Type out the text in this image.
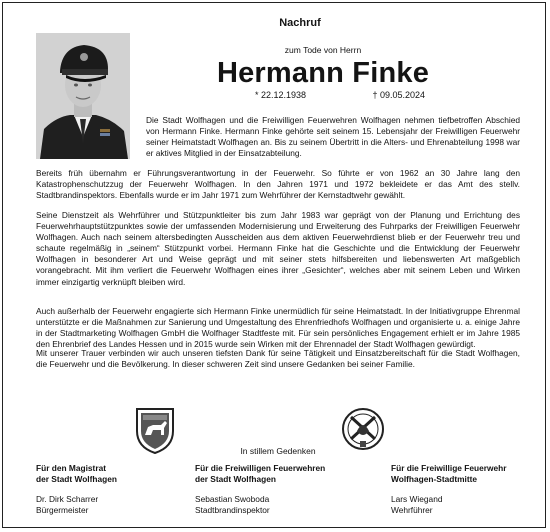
Nachruf
zum Tode von Herrn
Hermann Finke
* 22.12.1938	† 09.05.2024

Die Stadt Wolfhagen und die Freiwilligen Feuerwehren Wolfhagen nehmen tiefbetroffen Abschied von Hermann Finke. Hermann Finke gehörte seit seinem 15. Lebensjahr der Freiwilligen Feuerwehr seiner Heimatstadt Wolfhagen an. Bis zu seinem Übertritt in die Alters- und Ehrenabteilung 1998 war er aktives Mitglied in der Einsatzabteilung.

Bereits früh übernahm er Führungsverantwortung in der Feuerwehr. So führte er von 1962 an 30 Jahre lang den Katastrophenschutzzug der Feuerwehr Wolfhagen. In den Jahren 1971 und 1972 bekleidete er das Amt des stellv. Stadtbrandinspektors. Ebenfalls wurde er im Jahr 1971 zum Wehrführer der Kernstadtwehr gewählt.

Seine Dienstzeit als Wehrführer und Stützpunktleiter bis zum Jahr 1983 war geprägt von der Planung und Errichtung des Feuerwehrhauptstützpunktes sowie der umfassenden Modernisierung und Erweiterung des Fuhrparks der Freiwilligen Feuerwehr Wolfhagen. Auch nach seinem altersbedingten Ausscheiden aus dem aktiven Feuerwehrdienst blieb er der Feuerwehr treu und schaute regelmäßig in „seinem“ Stützpunkt vorbei. Hermann Finke hat die Geschichte und die Entwicklung der Feuerwehr Wolfhagen in besonderer Art und Weise geprägt und mit seiner stets hilfsbereiten und liebenswerten Art maßgeblich vorangebracht. Mit ihm verliert die Feuerwehr Wolfhagen eines ihrer „Gesichter“, welches aber mit seinem Leben und Wirken immer einzigartig verknüpft bleiben wird.

Auch außerhalb der Feuerwehr engagierte sich Hermann Finke unermüdlich für seine Heimatstadt. In der Initiativgruppe Ehrenmal unterstützte er die Maßnahmen zur Sanierung und Umgestaltung des Ehrenfriedhofs Wolfhagen und organisierte u. a. einige Jahre in der Stadtmarketing Wolfhagen GmbH die Wolfhager Stadtfeste mit. Für sein persönliches Engagement erhielt er im Jahre 1985 den Ehrenbrief des Landes Hessen und in 2015 wurde sein Wirken mit der Ehrennadel der Stadt Wolfhagen gewürdigt.

Mit unserer Trauer verbinden wir auch unseren tiefsten Dank für seine Tätigkeit und Einsatzbereitschaft für die Stadt Wolfhagen, die Feuerwehr und die Bevölkerung. In dieser schweren Zeit sind unsere Gedanken bei seiner Familie.

In stillem Gedenken
Für den Magistrat
der Stadt Wolfhagen
Dr. Dirk Scharrer
Bürgermeister
Für die Freiwilligen Feuerwehren
der Stadt Wolfhagen
Sebastian Swoboda
Stadtbrandinspektor
Für die Freiwillige Feuerwehr
Wolfhagen-Stadtmitte
Lars Wiegand
Wehrführer
